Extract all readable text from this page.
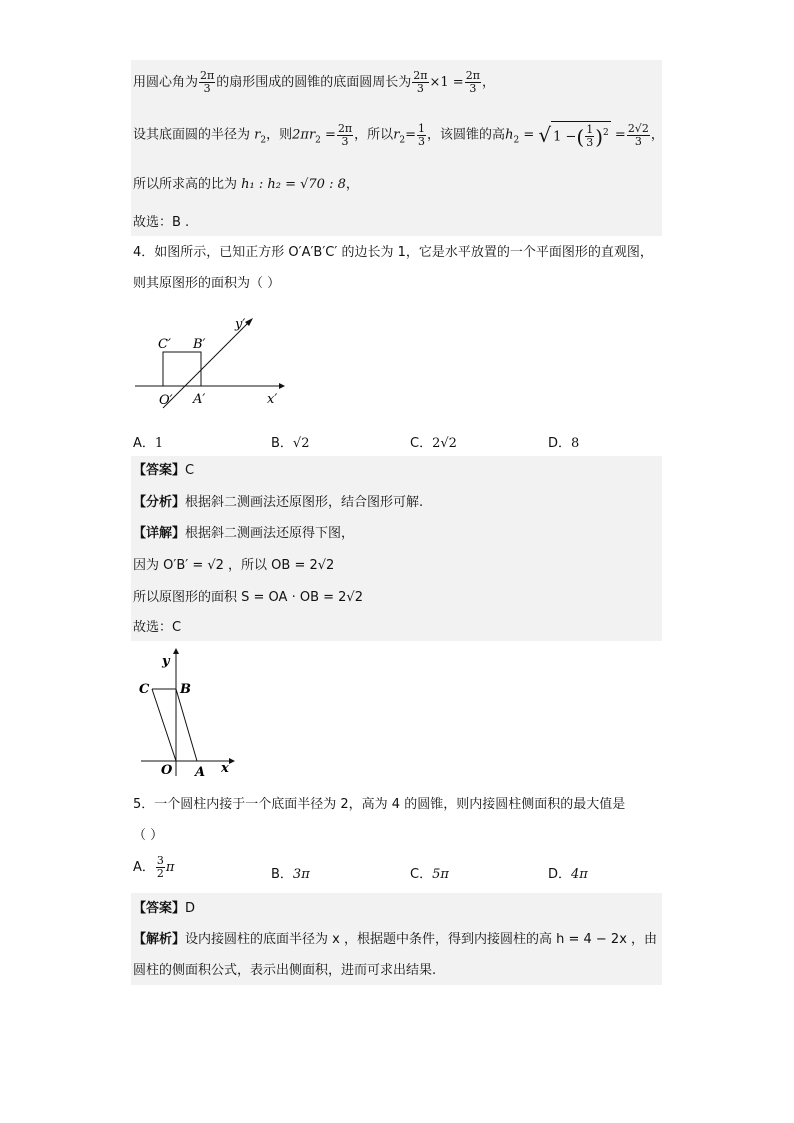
用圆心角为 $\frac{2\pi}{3}$ 的扇形围成的圆锥的底面圆周长为 $\frac{2\pi}{3} \times 1 = \frac{2\pi}{3}$ ，
设其底面圆的半径为 $r_2$，则$2\pi r_2 = \frac{2\pi}{3}$ ，所以$r_2= \frac{1}{3}$ ，该圆锥的高$h_2$ = √ 1 −( $\frac{1}{3} )^2 = \frac{2√2}{3}$ ，
所以所求高的比为 h₁ : h₂ = √70 : 8，
故选：B .
4．如图所示，已知正方形 O′A′B′C′ 的边长为 1，它是水平放置的一个平面图形的直观图，
则其原图形的面积为（ ）
y′
C′ B′
O′ A′	x′
A．1	B．√2	C．2√2	D．8
【答案】C
【分析】根据斜二测画法还原图形，结合图形可解.
【详解】根据斜二测画法还原得下图，
因为 O′B′ = √2 ，所以 OB = 2√2
所以原图形的面积 S = OA · OB = 2√2
故选：C
y
C B
O A x
5．一个圆柱内接于一个底面半径为 2，高为 4 的圆锥，则内接圆柱侧面积的最大值是
（ ）
A． $\frac{3}{2}$ π	B．3π	C．5π	D．4π
【答案】D
【解析】设内接圆柱的底面半径为 x ，根据题中条件，得到内接圆柱的高 h = 4 − 2x ，由
圆柱的侧面积公式，表示出侧面积，进而可求出结果.
